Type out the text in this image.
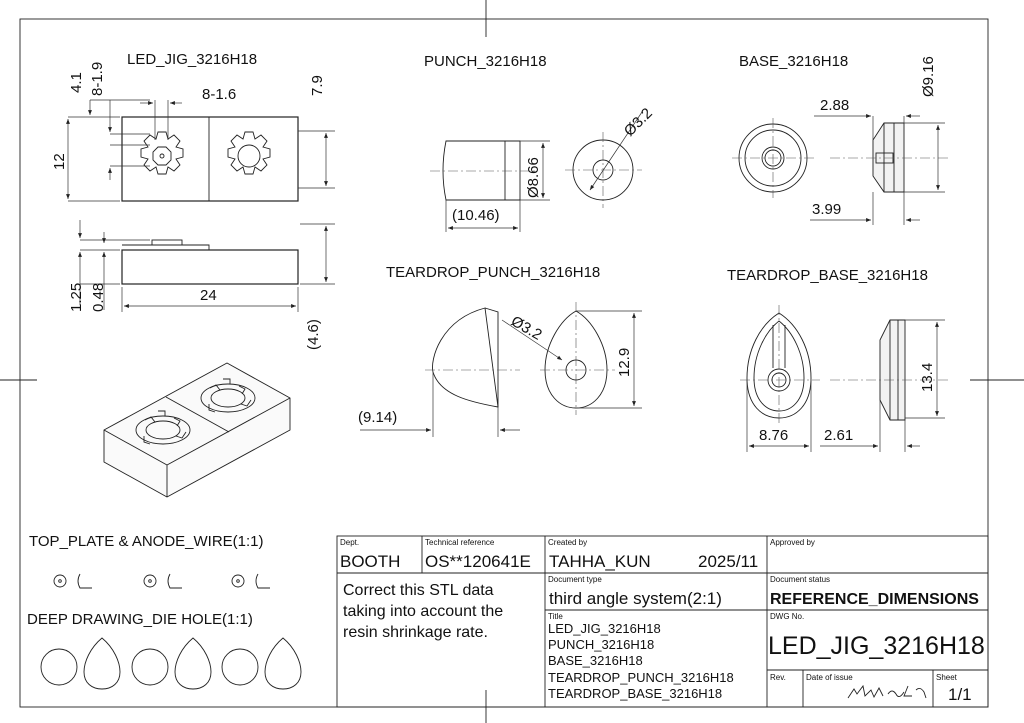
LED_JIG_3216H18
4.1 8-1.9	8-1.6	7.9
12
1.25 0.48	24
(4.6)
PUNCH_3216H18
Ø3.2
Ø8.66
(10.46)
BASE_3216H18	Ø9.16
2.88
3.99
TEARDROP_PUNCH_3216H18
Ø3.2
12.9
(9.14)
TEARDROP_BASE_3216H18
13.4
8.76 2.61
TOP_PLATE & ANODE_WIRE(1:1)
DEEP DRAWING_DIE HOLE(1:1)
Dept.
BOOTH
Technical reference
OS**120641E
Created by
TAHHA_KUN	2025/11
Approved by
Correct this STL data
taking into account the
resin shrinkage rate.
Document type
third angle system(2:1)
Document status
REFERENCE_DIMENSIONS
Title
LED_JIG_3216H18
PUNCH_3216H18
BASE_3216H18
TEARDROP_PUNCH_3216H18
TEARDROP_BASE_3216H18
DWG No.
LED_JIG_3216H18
Rev.	Date of issue	Sheet
1/1
